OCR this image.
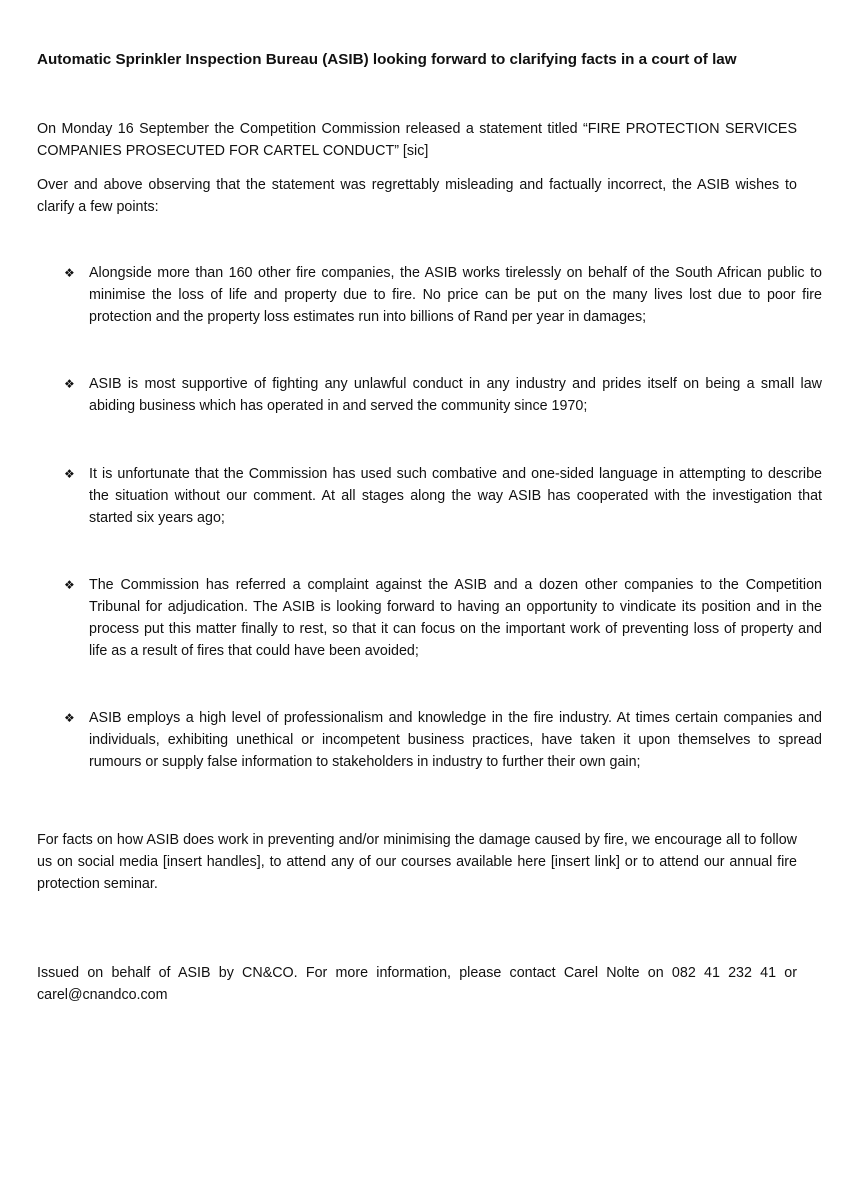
Automatic Sprinkler Inspection Bureau (ASIB) looking forward to clarifying facts in a court of law
On Monday 16 September the Competition Commission released a statement titled “FIRE PROTECTION SERVICES COMPANIES PROSECUTED FOR CARTEL CONDUCT” [sic]
Over and above observing that the statement was regrettably misleading and factually incorrect, the ASIB wishes to clarify a few points:
❖ Alongside more than 160 other fire companies, the ASIB works tirelessly on behalf of the South African public to minimise the loss of life and property due to fire. No price can be put on the many lives lost due to poor fire protection and the property loss estimates run into billions of Rand per year in damages;
❖ ASIB is most supportive of fighting any unlawful conduct in any industry and prides itself on being a small law abiding business which has operated in and served the community since 1970;
❖ It is unfortunate that the Commission has used such combative and one-sided language in attempting to describe the situation without our comment. At all stages along the way ASIB has cooperated with the investigation that started six years ago;
❖ The Commission has referred a complaint against the ASIB and a dozen other companies to the Competition Tribunal for adjudication. The ASIB is looking forward to having an opportunity to vindicate its position and in the process put this matter finally to rest, so that it can focus on the important work of preventing loss of property and life as a result of fires that could have been avoided;
❖ ASIB employs a high level of professionalism and knowledge in the fire industry. At times certain companies and individuals, exhibiting unethical or incompetent business practices, have taken it upon themselves to spread rumours or supply false information to stakeholders in industry to further their own gain;
For facts on how ASIB does work in preventing and/or minimising the damage caused by fire, we encourage all to follow us on social media [insert handles], to attend any of our courses available here [insert link] or to attend our annual fire protection seminar.
Issued on behalf of ASIB by CN&CO. For more information, please contact Carel Nolte on 082 41 232 41 or carel@cnandco.com
